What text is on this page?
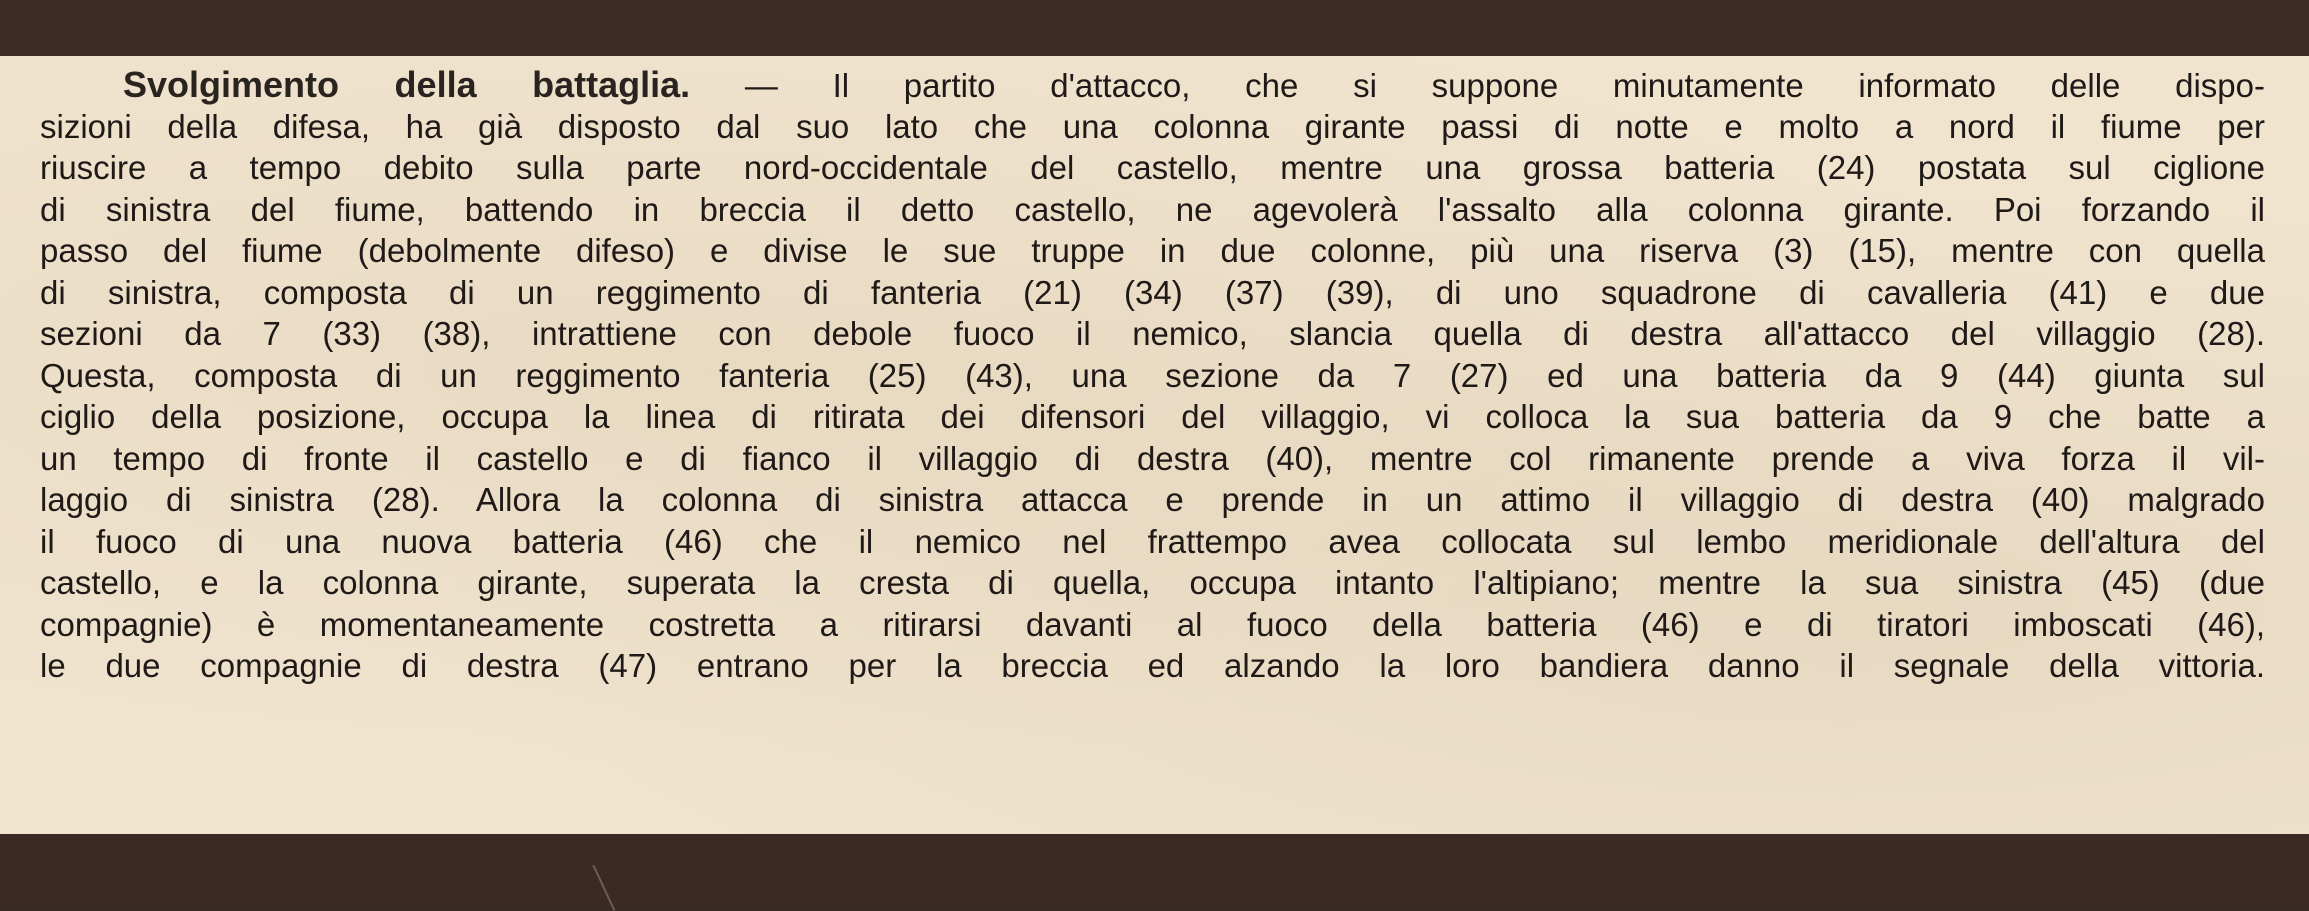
Svolgimento della battaglia. — Il partito d'attacco, che si suppone minutamente informato delle dispo-
sizioni della difesa, ha già disposto dal suo lato che una colonna girante passi di notte e molto a nord il fiume per
riuscire a tempo debito sulla parte nord-occidentale del castello, mentre una grossa batteria (24) postata sul ciglione
di sinistra del fiume, battendo in breccia il detto castello, ne agevolerà l'assalto alla colonna girante. Poi forzando il
passo del fiume (debolmente difeso) e divise le sue truppe in due colonne, più una riserva (3) (15), mentre con quella
di sinistra, composta di un reggimento di fanteria (21) (34) (37) (39), di uno squadrone di cavalleria (41) e due
sezioni da 7 (33) (38), intrattiene con debole fuoco il nemico, slancia quella di destra all'attacco del villaggio (28).
Questa, composta di un reggimento fanteria (25) (43), una sezione da 7 (27) ed una batteria da 9 (44) giunta sul
ciglio della posizione, occupa la linea di ritirata dei difensori del villaggio, vi colloca la sua batteria da 9 che batte a
un tempo di fronte il castello e di fianco il villaggio di destra (40), mentre col rimanente prende a viva forza il vil-
laggio di sinistra (28). Allora la colonna di sinistra attacca e prende in un attimo il villaggio di destra (40) malgrado
il fuoco di una nuova batteria (46) che il nemico nel frattempo avea collocata sul lembo meridionale dell'altura del
castello, e la colonna girante, superata la cresta di quella, occupa intanto l'altipiano; mentre la sua sinistra (45) (due
compagnie) è momentaneamente costretta a ritirarsi davanti al fuoco della batteria (46) e di tiratori imboscati (46),
le due compagnie di destra (47) entrano per la breccia ed alzando la loro bandiera danno il segnale della vittoria.
